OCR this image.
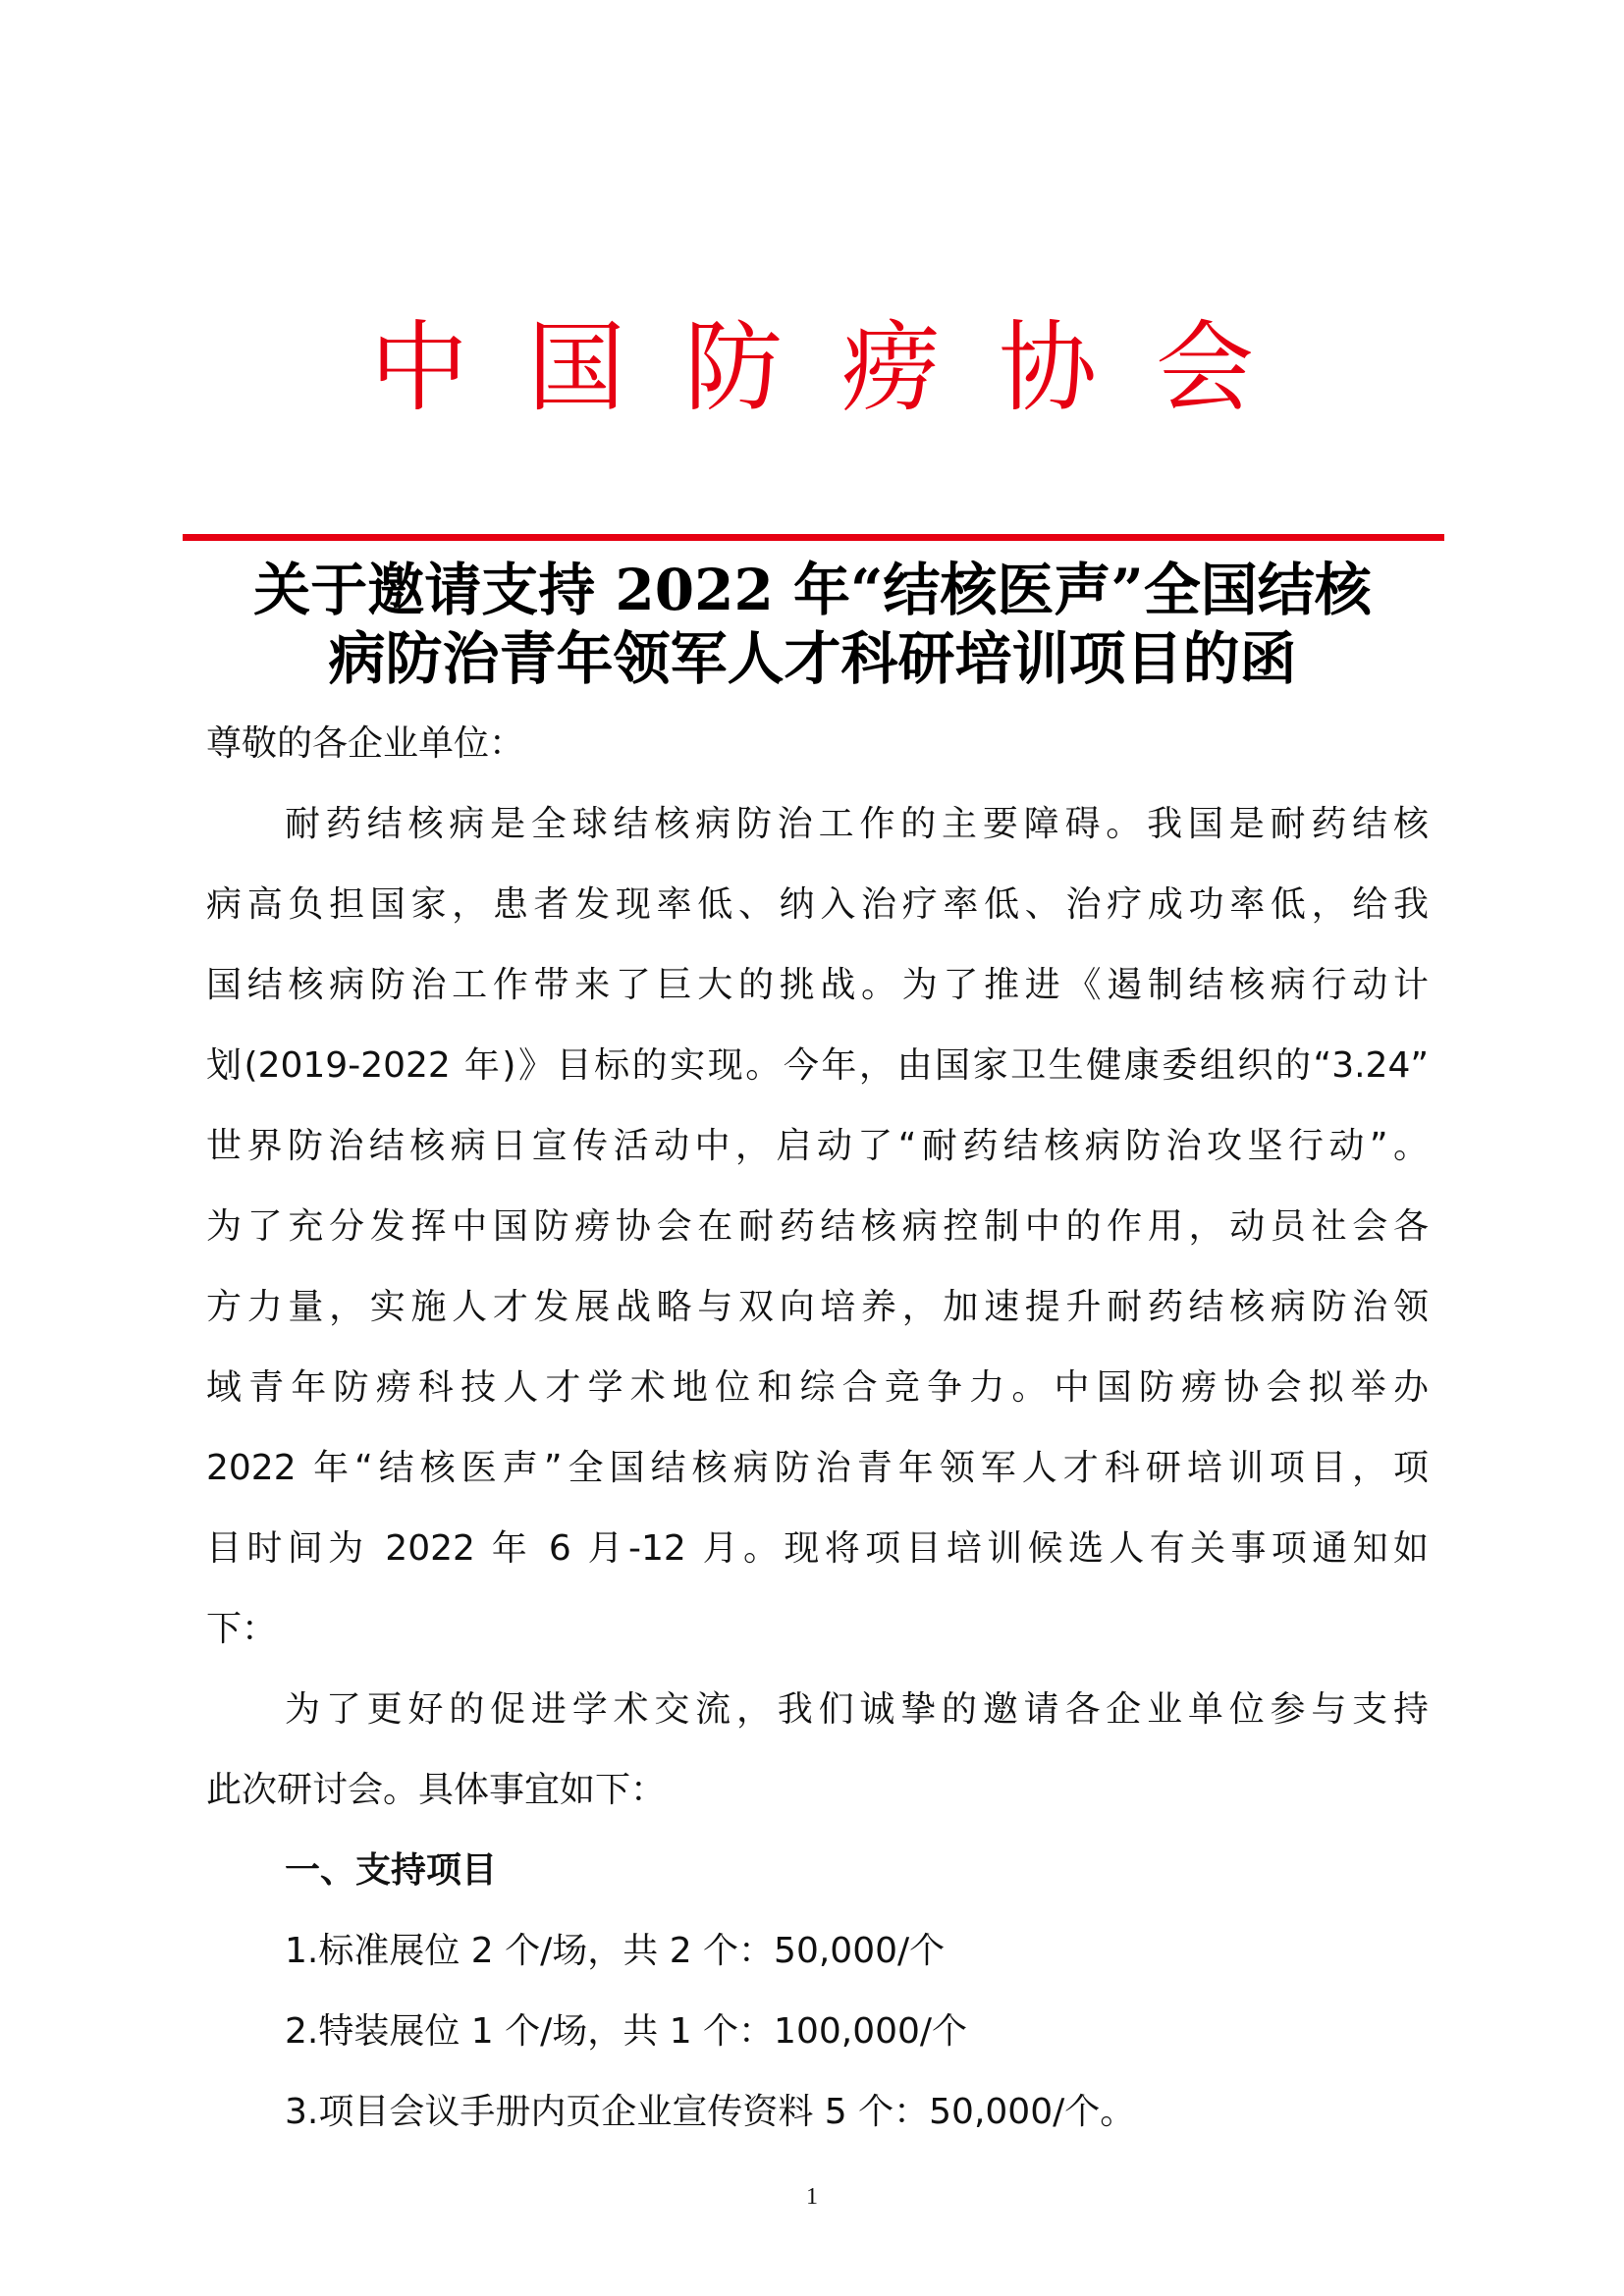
中国防痨协会
关于邀请支持 2022 年“结核医声”全国结核
病防治青年领军人才科研培训项目的函
尊敬的各企业单位：
耐药结核病是全球结核病防治工作的主要障碍。我国是耐药结核
病高负担国家，患者发现率低、纳入治疗率低、治疗成功率低，给我
国结核病防治工作带来了巨大的挑战。为了推进《遏制结核病行动计
划(2019-2022 年)》目标的实现。今年，由国家卫生健康委组织的“3.24”
世界防治结核病日宣传活动中，启动了“耐药结核病防治攻坚行动”。
为了充分发挥中国防痨协会在耐药结核病控制中的作用，动员社会各
方力量，实施人才发展战略与双向培养，加速提升耐药结核病防治领
域青年防痨科技人才学术地位和综合竞争力。中国防痨协会拟举办
2022 年“结核医声”全国结核病防治青年领军人才科研培训项目，项
目时间为 2022 年 6 月-12 月。现将项目培训候选人有关事项通知如
下：
为了更好的促进学术交流，我们诚挚的邀请各企业单位参与支持
此次研讨会。具体事宜如下：
一、支持项目
1.标准展位 2 个/场，共 2 个：50,000/个
2.特装展位 1 个/场，共 1 个：100,000/个
3.项目会议手册内页企业宣传资料 5 个：50,000/个。
1
